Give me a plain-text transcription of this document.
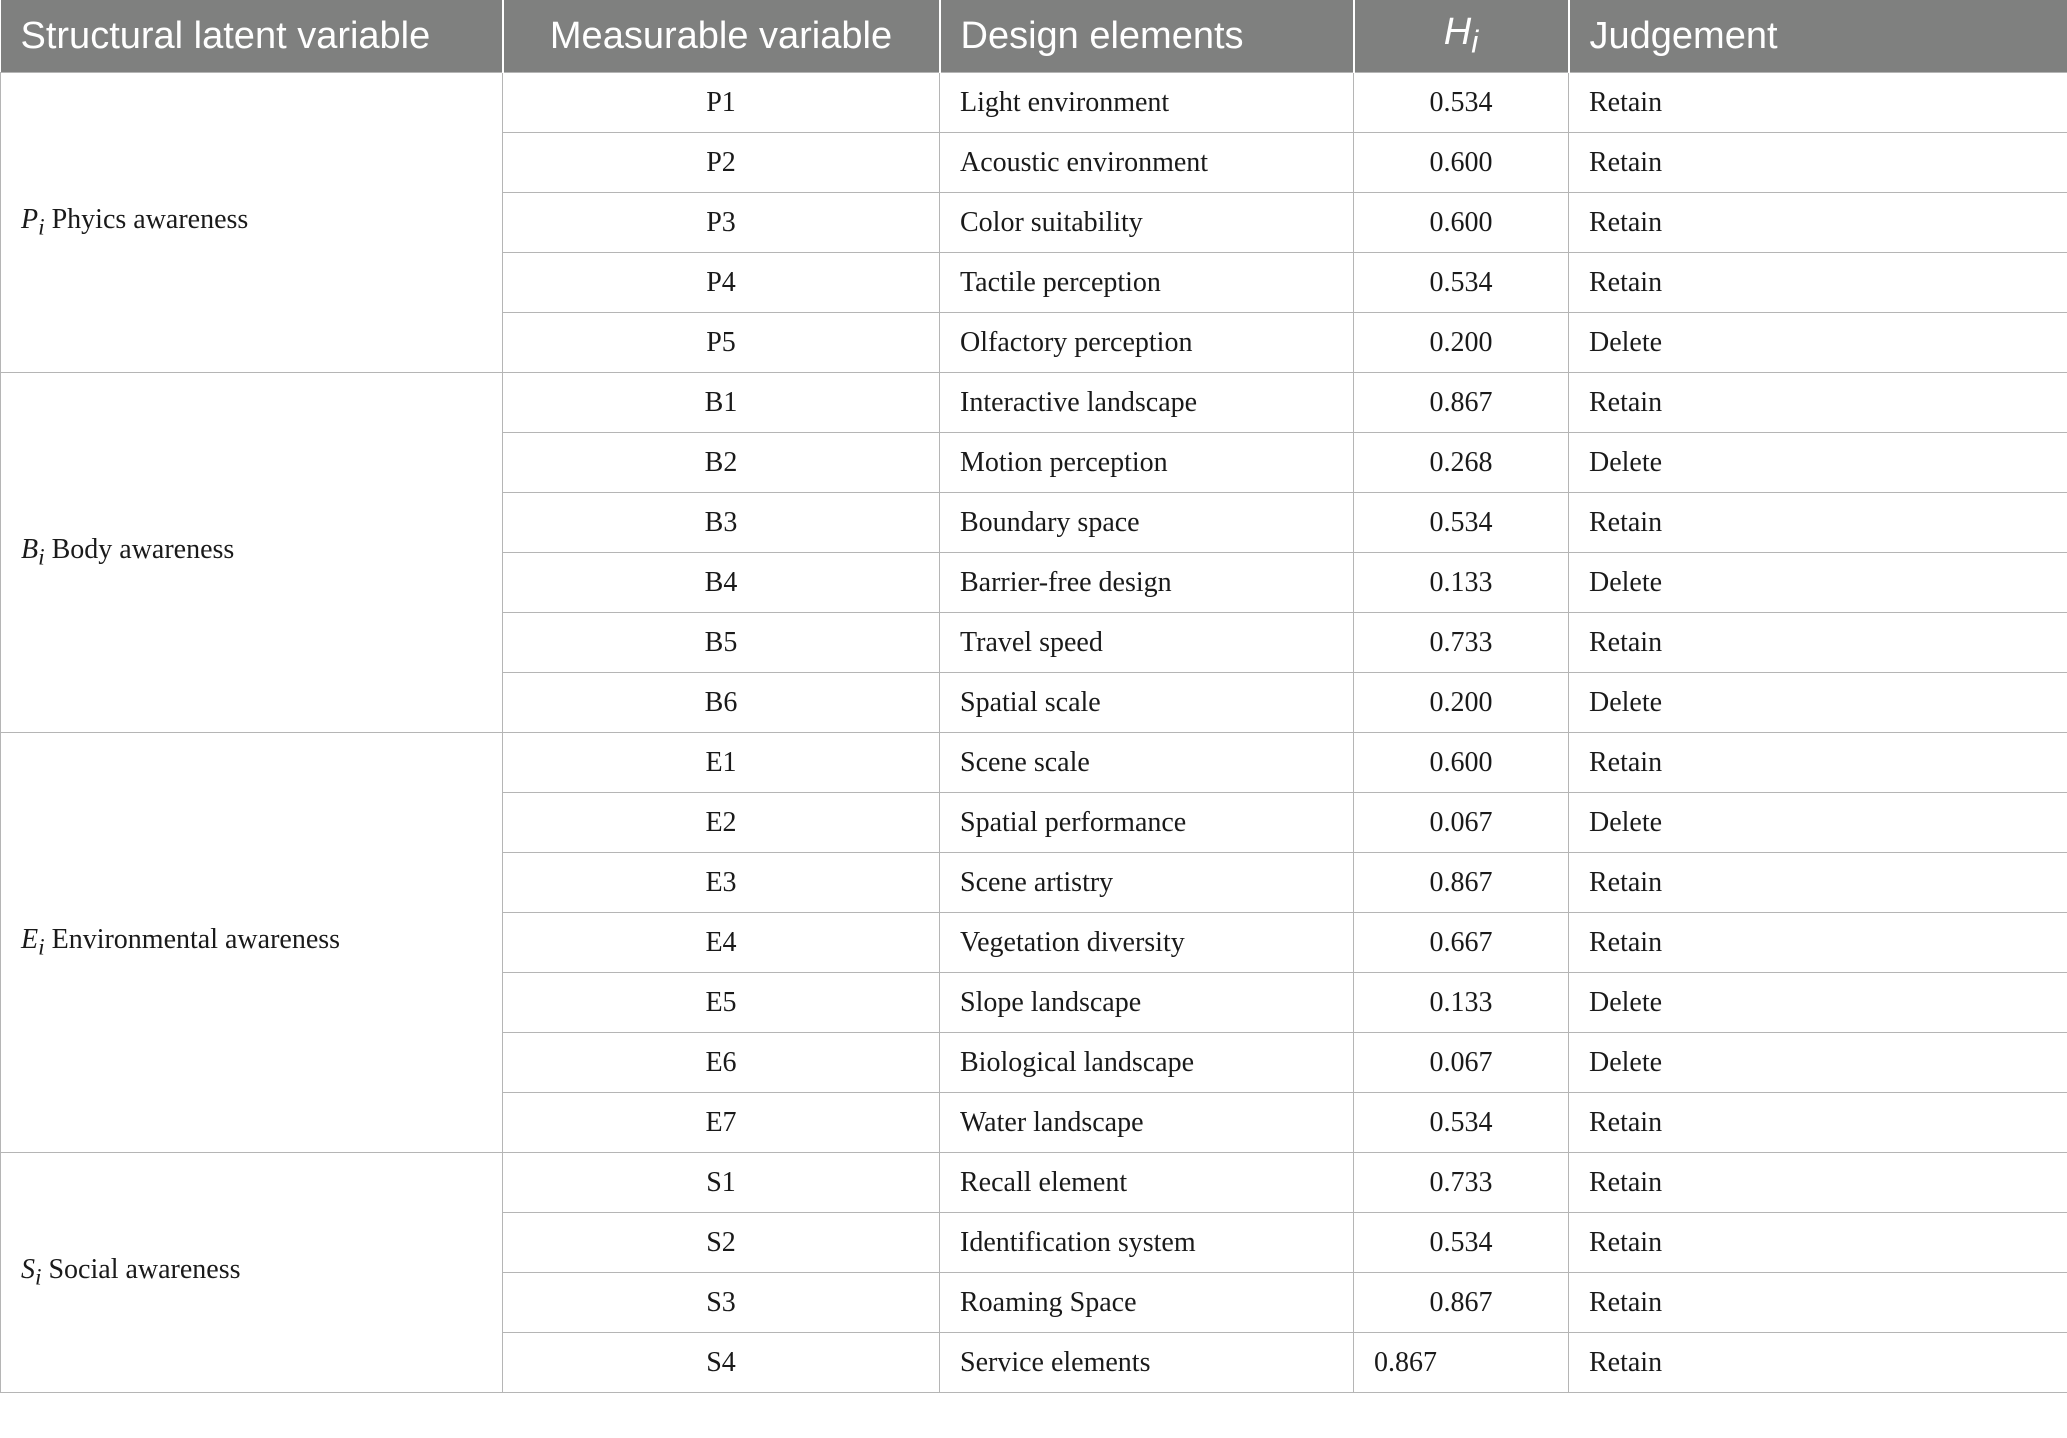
Structural latent variable	Measurable variable	Design elements	$H_i$	Judgement
$P_i$ Phyics awareness	P1	Light environment	0.534	Retain
	P2	Acoustic environment	0.600	Retain
	P3	Color suitability	0.600	Retain
	P4	Tactile perception	0.534	Retain
	P5	Olfactory perception	0.200	Delete
$B_i$ Body awareness	B1	Interactive landscape	0.867	Retain
	B2	Motion perception	0.268	Delete
	B3	Boundary space	0.534	Retain
	B4	Barrier-free design	0.133	Delete
	B5	Travel speed	0.733	Retain
	B6	Spatial scale	0.200	Delete
$E_i$ Environmental awareness	E1	Scene scale	0.600	Retain
	E2	Spatial performance	0.067	Delete
	E3	Scene artistry	0.867	Retain
	E4	Vegetation diversity	0.667	Retain
	E5	Slope landscape	0.133	Delete
	E6	Biological landscape	0.067	Delete
	E7	Water landscape	0.534	Retain
$S_i$ Social awareness	S1	Recall element	0.733	Retain
	S2	Identification system	0.534	Retain
	S3	Roaming Space	0.867	Retain
	S4	Service elements	0.867	Retain
